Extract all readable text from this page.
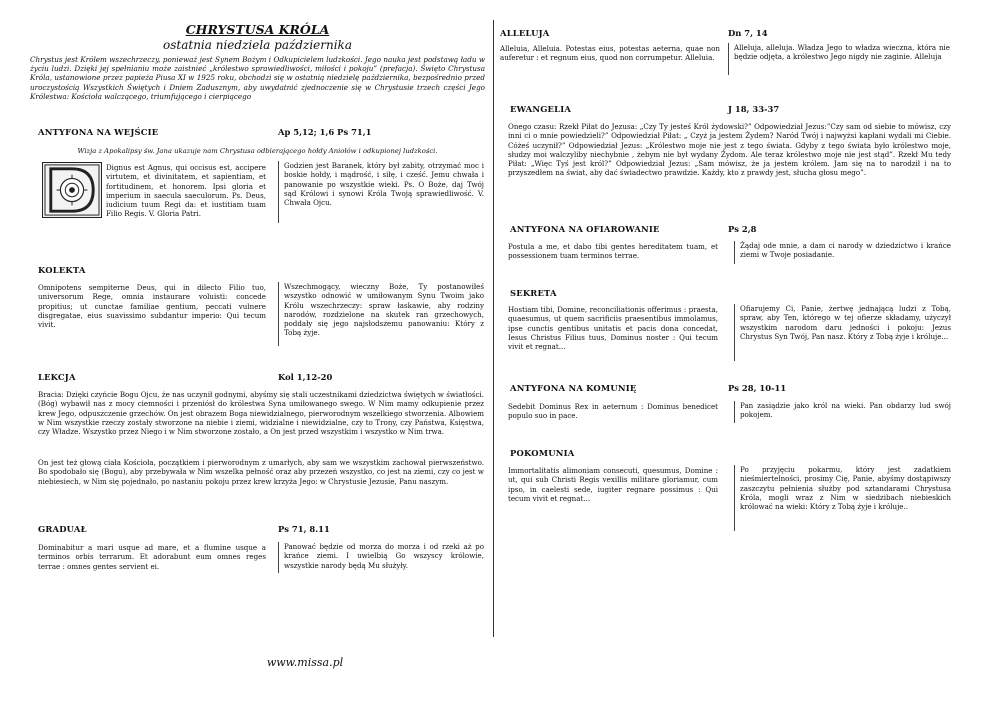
CHRYSTUSA KRÓLA
ostatnia niedziela października
Chrystus jest Królem wszechrzeczy, ponieważ jest Synem Bożym i Odkupicielem ludzkości. Jego nauka jest podstawą ładu w życiu ludzi. Dzięki jej spełnianiu może zaistnieć „królestwo sprawiedliwości, miłości i pokoju” (prefacja). Święto Chrystusa Króla, ustanowione przez papieża Piusa XI w 1925 roku, obchodzi się w ostatnią niedzielę października, bezpośrednio przed uroczystością Wszystkich Świętych i Dniem Zadusznym, aby uwydatnić zjednoczenie się w Chrystusie trzech części Jego Królestwa: Kościoła walczącego, triumfującego i cierpiącego
ANTYFONA NA WEJŚCIE	Ap 5,12; 1,6 Ps 71,1
Wizja z Apokalipsy św. Jana ukazuje nam Chrystusa odbierającego hołdy Aniołów i odkupionej ludzkości.
Dignus est Agnus, qui occisus est, accipere virtutem, et divinitatem, et sapientiam, et fortitudinem, et honorem. Ipsi gloria et imperium in saecula saeculorum. Ps. Deus, iudicium tuum Regi da: et iustitiam tuam Filio Regis. V. Gloria Patri.
Godzien jest Baranek, który był zabity, otrzymać moc i boskie hołdy, i mądrość, i siłę, i cześć. Jemu chwała i panowanie po wszystkie wieki. Ps. O Boże, daj Twój sąd Królowi i synowi Króla Twoją sprawiedliwość. V. Chwała Ojcu.
KOLEKTA
Omnipotens sempiterne Deus, qui in dilecto Filio tuo, universorum Rege, omnia instaurare voluisti: concede propitius; ut cunctae familiae gentium, peccati vulnere disgregatae, eius suavissimo subdantur imperio: Qui tecum vivit.
Wszechmogący, wieczny Boże, Ty postanowiłeś wszystko odnowić w umiłowanym Synu Twoim jako Królu wszechrzeczy: spraw łaskawie, aby rodziny narodów, rozdzielone na skutek ran grzechowych, poddały się jego najsłodszemu panowaniu: Który z Tobą żyje.
LEKCJA	Kol 1,12-20
Bracia: Dzięki czyńcie Bogu Ojcu, że nas uczynił godnymi, abyśmy się stali uczestnikami dziedzictwa świętych w światłości. (Bóg) wybawił nas z mocy ciemności i przeniósł do królestwa Syna umiłowanego swego. W Nim mamy odkupienie przez krew Jego, odpuszczenie grzechów. On jest obrazem Boga niewidzialnego, pierworodnym wszelkiego stworzenia. Albowiem w Nim wszystkie rzeczy zostały stworzone na niebie i ziemi, widzialne i niewidzialne, czy to Trony, czy Państwa, Księstwa, czy Władze. Wszystko przez Niego i w Nim stworzone zostało, a On jest przed wszystkim i wszystko w Nim trwa.
On jest też głową ciała Kościoła, początkiem i pierworodnym z umarłych, aby sam we wszystkim zachował pierwszeństwo. Bo spodobało się (Bogu), aby przebywała w Nim wszelka pełność oraz aby przezeń wszystko, co jest na ziemi, czy co jest w niebiesiech, w Nim się pojednało, po nastaniu pokoju przez krew krzyża Jego: w Chrystusie Jezusie, Panu naszym.
GRADUAŁ	Ps 71, 8.11
Dominabitur a mari usque ad mare, et a flumine usque a terminos orbis terrarum. Et adorabunt eum omnes reges terrae : omnes gentes servient ei.
Panować będzie od morza do morza i od rzeki aż po krańce ziemi. I uwielbią Go wszyscy królowie, wszystkie narody będą Mu służyły.
ALLELUJA	Dn 7, 14
Alleluia, Alleluia. Potestas eius, potestas aeterna, quae non auferetur : et regnum eius, quod non corrumpetur. Alleluia.
Alleluja, alleluja. Władza Jego to władza wieczna, która nie będzie odjęta, a królestwo Jego nigdy nie zaginie. Alleluja
EWANGELIA	J 18, 33-37
Onego czasu: Rzekł Piłat do Jezusa: „Czy Ty jesteś Król żydowski?” Odpowiedział Jezus:”Czy sam od siebie to mówisz, czy inni ci o mnie powiedzieli?” Odpowiedział Piłat: „ Czyż ja jestem Żydem? Naród Twój i najwyżsi kapłani wydali mi Ciebie. Cóżeś uczynił?” Odpowiedział Jezus: „Królestwo moje nie jest z tego świata. Gdyby z tego świata było królestwo moje, słudzy moi walczyliby niechybnie , żebym nie był wydany Żydom. Ale teraz królestwo moje nie jest stąd”. Rzekł Mu tedy Piłat: „Więc Tyś jest król?” Odpowiedział Jezus: „Sam mówisz, że ja jestem królem. Jam się na to narodził i na to przyszedłem na świat, aby dać świadectwo prawdzie. Każdy, kto z prawdy jest, słucha głosu mego”.
ANTYFONA NA OFIAROWANIE	Ps 2,8
Postula a me, et dabo tibi gentes hereditatem tuam, et possessionem tuam terminos terrae.
Żądaj ode mnie, a dam ci narody w dziedzictwo i krańce ziemi w Twoje posiadanie.
SEKRETA
Hostiam tibi, Domine, reconciliationis offerimus : praesta, quaesumus, ut quem sacrificiis praesentibus immolamus, ipse cunctis gentibus unitatis et pacis dona concedat, Iesus Christus Filius tuus, Dominus noster : Qui tecum vivit et regnat...
Ofiarujemy Ci, Panie, żertwę jednającą ludzi z Tobą, spraw, aby Ten, którego w tej ofierze składamy, użyczył wszystkim narodom daru jedności i pokoju: Jezus Chrystus Syn Twój, Pan nasz. Który z Tobą żyje i króluje...
ANTYFONA NA KOMUNIĘ	Ps 28, 10-11
Sedebit Dominus Rex in aeternum : Dominus benedicet populo suo in pace.
Pan zasiądzie jako król na wieki. Pan obdarzy lud swój pokojem.
POKOMUNIA
Immortalitatis alimoniam consecuti, quesumus, Domine : ut, qui sub Christi Regis vexillis militare gloriamur, cum ipso, in caelesti sede, iugiter regnare possimus : Qui tecum vivit et regnat...
Po przyjęciu pokarmu, który jest zadatkiem nieśmiertelności, prosimy Cię, Panie, abyśmy dostąpiwszy zaszczytu pełnienia służby pod sztandarami Chrystusa Króla, mogli wraz z Nim w siedzibach niebieskich królować na wieki: Który z Tobą żyje i króluje..
www.missa.pl
